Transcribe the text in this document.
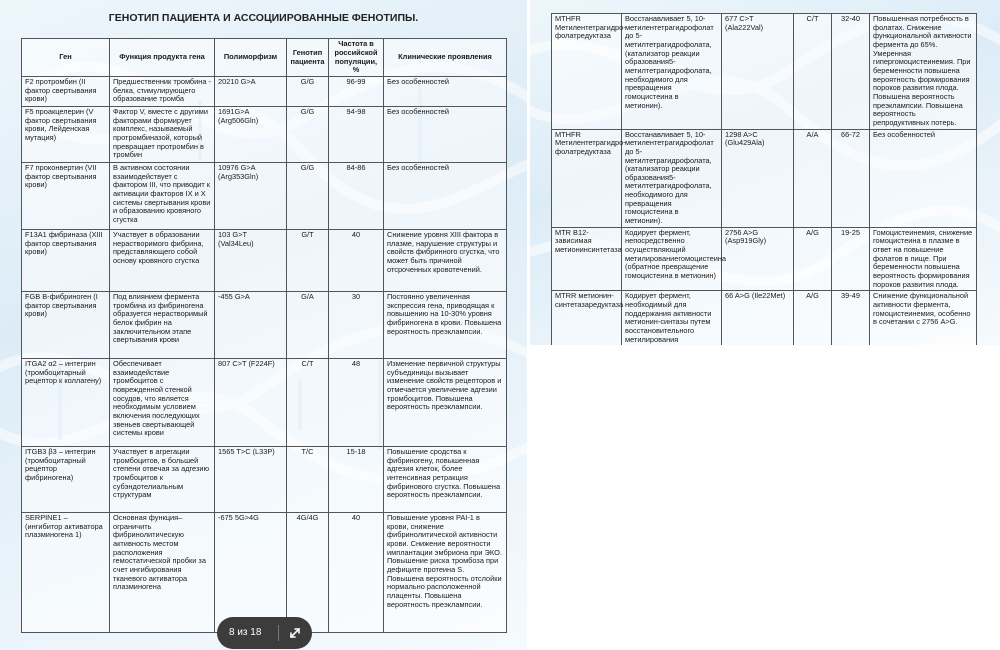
ГЕНОТИП ПАЦИЕНТА И АССОЦИИРОВАННЫЕ ФЕНОТИПЫ.
Ген	Функция продукта гена	Полиморфизм	Генотип пациента	Частота в российской популяции, %	Клинические проявления
F2 протромбин (II фактор свертывания крови)	Предшественник тромбина - белка, стимулирующего образование тромба	20210 G>A	G/G	96-99	Без особенностей
F5 проакцелерин (V фактор свертывания крови, Лейденская мутация)	Фактор V, вместе с другими факторами формирует комплекс, называемый протромбиназой, который превращает протромбин в тромбин	1691G>A (Arg506Gln)	G/G	94-98	Без особенностей
F7 проконвертин (VII фактор свертывания крови)	В активном состоянии взаимодействует с фактором III, что приводит к активации факторов IX и X системы свертывания крови и образованию кровяного сгустка	10976 G>A (Arg353Gln)	G/G	84-86	Без особенностей
F13A1 фибриназа (XIII фактор свертывания крови)	Участвует в образовании нерастворимого фибрина, представляющего собой основу кровяного сгустка	103 G>T (Val34Leu)	G/T	40	Снижение уровня XIII фактора в плазме, нарушение структуры и свойств фибринного сгустка, что может быть причиной отсроченных кровотечений.
FGB B-фибриноген (I фактор свертывания крови)	Под влиянием фермента тромбина из фибриногена образуется нерастворимый белок фибрин на заключительном этапе свертывания крови	-455 G>A	G/A	30	Постоянно увеличенная экспрессия гена, приводящая к повышению на 10-30% уровня фибриногена в крови. Повышена вероятность преэклампсии.
ITGA2 α2 – интегрин (тромбоцитарный рецептор к коллагену)	Обеспечивает взаимодействие тромбоцитов с поврежденной стенкой сосудов, что является необходимым условием включения последующих звеньев свертывающей системы крови	807 C>T (F224F)	C/T	48	Изменение первичной структуры субъединицы вызывает изменение свойств рецепторов и отмечается увеличение адгезии тромбоцитов. Повышена вероятность преэклампсии.
ITGB3 β3 – интегрин (тромбоцитарный рецептор фибриногена)	Участвует в агрегации тромбоцитов, в большей степени отвечая за адгезию тромбоцитов к субэндотелиальным структурам	1565 T>C (L33P)	T/C	15-18	Повышение сродства к фибриногену, повышенная адгезия клеток, более интенсивная ретракция фибринового сгустка. Повышена вероятность преэклампсии.
SERPINE1 – (ингибитор активатора плазминогена 1)	Основная функция– ограничить фибринолитическую активность местом расположения гемостатической пробки за счет ингибирования тканевого активатора плазминогена	-675 5G>4G	4G/4G	40	Повышение уровня PAI-1 в крови, снижение фибринолитической активности крови. Снижение вероятности имплантации эмбриона при ЭКО. Повышение риска тромбоза при дефиците протеина S. Повышена вероятность отслойки нормально расположенной плаценты. Повышена вероятность преэклампсии.
8 из 18
MTHFR Метилентетрагидро-фолатредуктаза	Восстанавливает 5, 10-метилентетрагидрофолат до 5-метилтетрагидрофолата, (катализатор реакции образования5-метилтетрагидрофолата, необходимого для превращения гомоцистеина в метионин).	677 C>T (Ala222Val)	C/T	32-40	Повышенная потребность в фолатах. Снижение функциональной активности фермента до 65%. Умеренная гипергомоцистеинемия. При беременности повышена вероятность формирования пороков развития плода. Повышена вероятность преэклампсии. Повышена вероятность репродуктивных потерь.
MTHFR Метилентетрагидро-фолатредуктаза	Восстанавливает 5, 10-метилентетрагидрофолат до 5-метилтетрагидрофолата, (катализатор реакции образования5-метилтетрагидрофолата, необходимого для превращения гомоцистеина в метионин).	1298 A>C (Glu429Ala)	A/A	66-72	Без особенностей
MTR B12-зависимая метионинсинтетаза	Кодирует фермент, непосредственно осуществляющий метилированиегомоцистеина (обратное превращение гомоцистеина в метионин)	2756 A>G (Asp919Gly)	A/G	19-25	Гомоцистеинемия, снижение гомоцистеина в плазме в ответ на повышение фолатов в пище. При беременности повышена вероятность формирования пороков развития плода.
MTRR метионин-синтетазаредуктаза	Кодирует фермент, необходимый для поддержания активности метионин-синтазы путем восстановительного метилирования	66 A>G (Ile22Met)	A/G	39-49	Снижение функциональной активности фермента, гомоцистеинемия, особенно в сочетании с 2756 A>G.
